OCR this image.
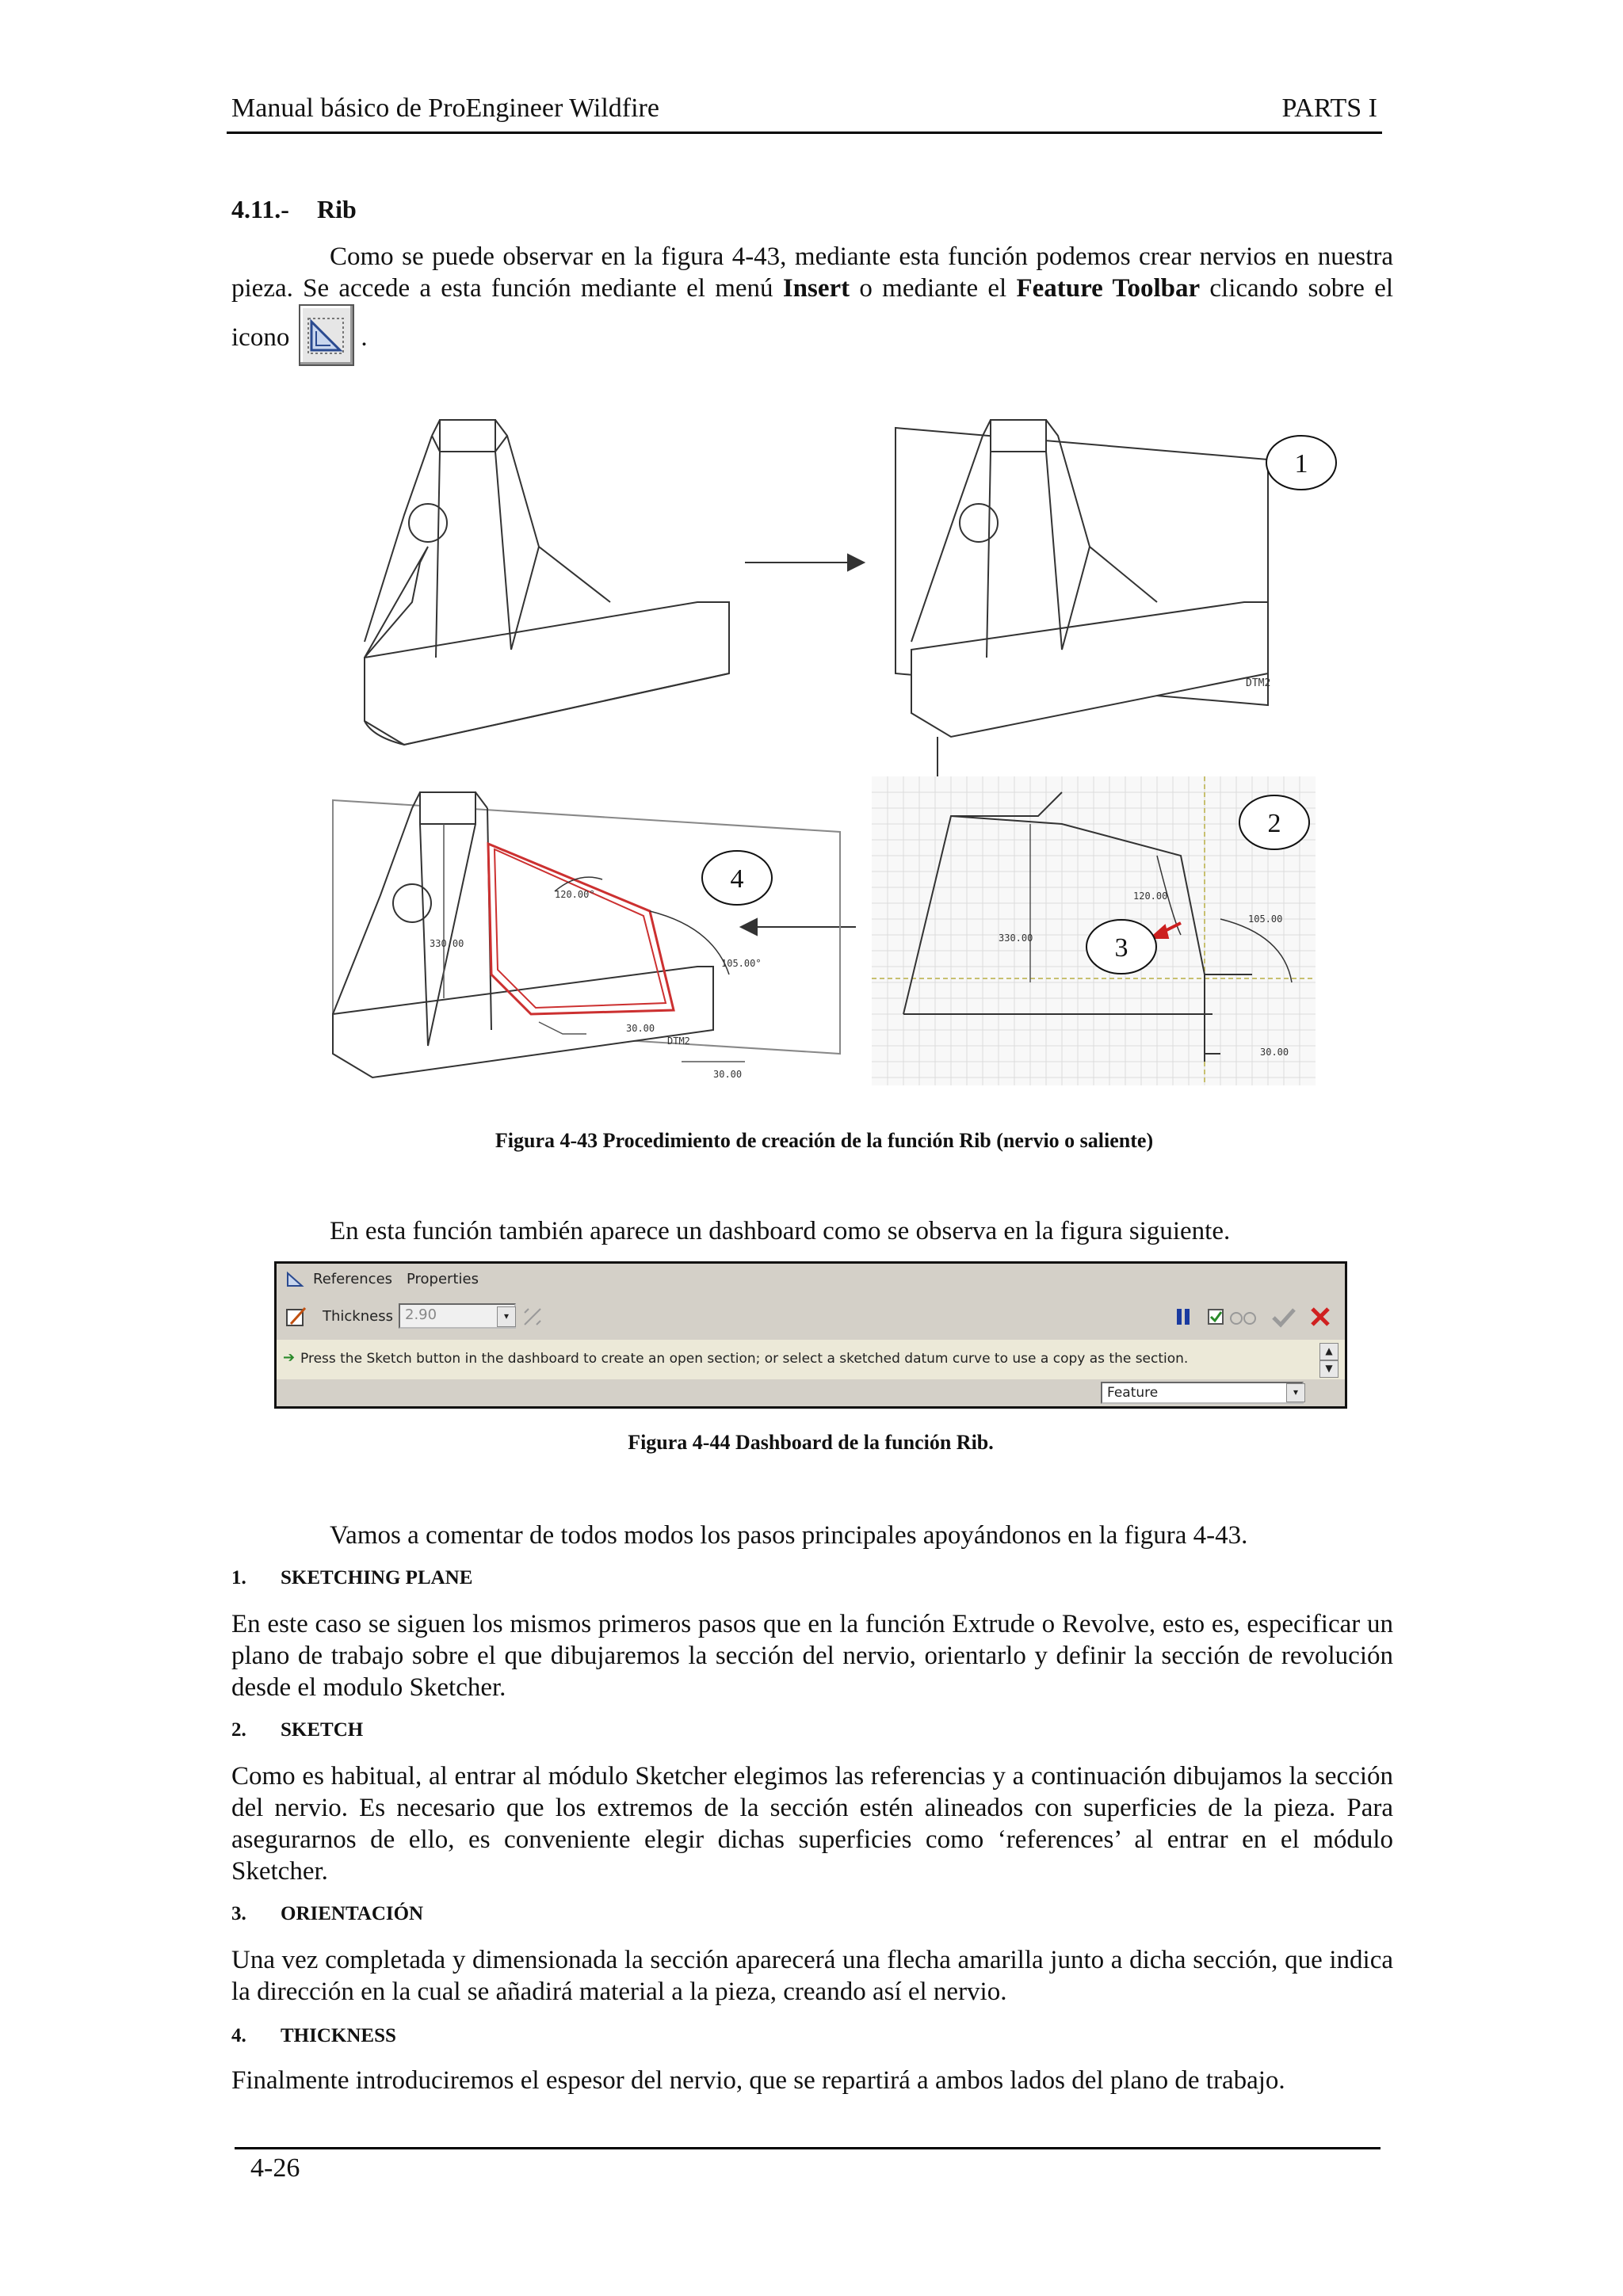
Manual básico de ProEngineer Wildfire	PARTS I
4.11.- Rib
Como se puede observar en la figura 4-43, mediante esta función podemos crear nervios en nuestra pieza. Se accede a esta función mediante el menú Insert o mediante el Feature Toolbar clicando sobre el icono	.
DTM2
120.00°
105.00°
330.00
30.00
30.00
DTM2
120.00
105.00
330.00
30.00
1
2
3
4
Figura 4-43 Procedimiento de creación de la función Rib (nervio o saliente)
En esta función también aparece un dashboard como se observa en la figura siguiente.
References Properties
Thickness 2.90	▾
➔ Press the Sketch button in the dashboard to create an open section; or select a sketched datum curve to use a copy as the section.	▲
▼
Feature	▾
Figura 4-44 Dashboard de la función Rib.
Vamos a comentar de todos modos los pasos principales apoyándonos en la figura 4-43.
1. SKETCHING PLANE
En este caso se siguen los mismos primeros pasos que en la función Extrude o Revolve, esto es, especificar un plano de trabajo sobre el que dibujaremos la sección del nervio, orientarlo y definir la sección de revolución desde el modulo Sketcher.
2. SKETCH
Como es habitual, al entrar al módulo Sketcher elegimos las referencias y a continuación dibujamos la sección del nervio. Es necesario que los extremos de la sección estén alineados con superficies de la pieza. Para asegurarnos de ello, es conveniente elegir dichas superficies como ‘references’ al entrar en el módulo Sketcher.
3. ORIENTACIÓN
Una vez completada y dimensionada la sección aparecerá una flecha amarilla junto a dicha sección, que indica la dirección en la cual se añadirá material a la pieza, creando así el nervio.
4. THICKNESS
Finalmente introduciremos el espesor del nervio, que se repartirá a ambos lados del plano de trabajo.
4-26
